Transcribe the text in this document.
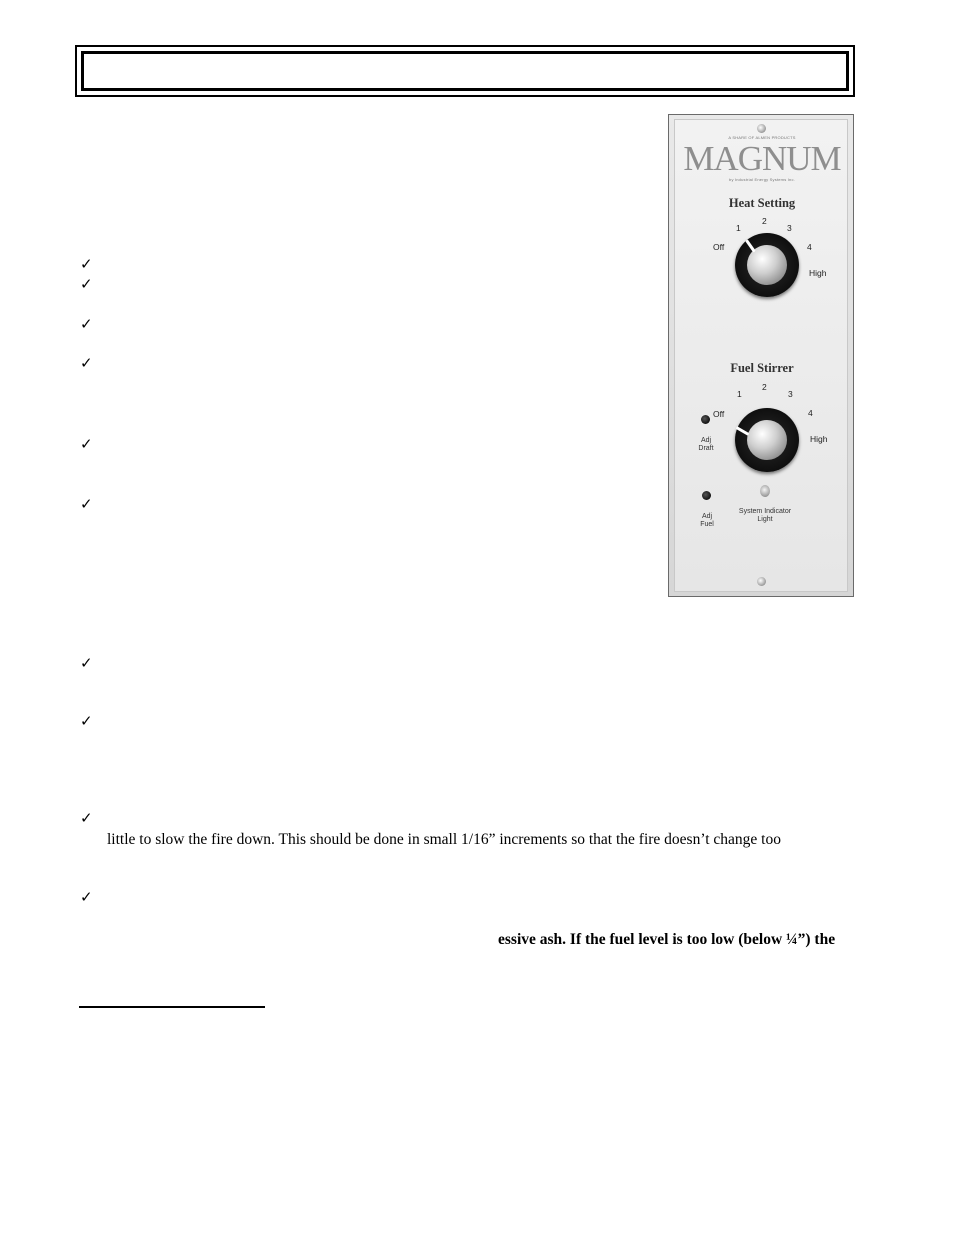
✓
✓
✓
✓
✓
✓
✓
✓
✓
✓
little to slow the fire down. This should be done in small 1/16” increments so that the fire doesn’t change too
essive ash. If the fuel level is too low (below ¼”) the
A SHARE OF ALMEN PRODUCTS
MAGNUM
by Industrial Energy Systems Inc.
Heat Setting
Off
1
2
3
4
High
Fuel Stirrer
Off
1
2
3
4
High
Adj
Draft
Adj
Fuel
System Indicator
Light
